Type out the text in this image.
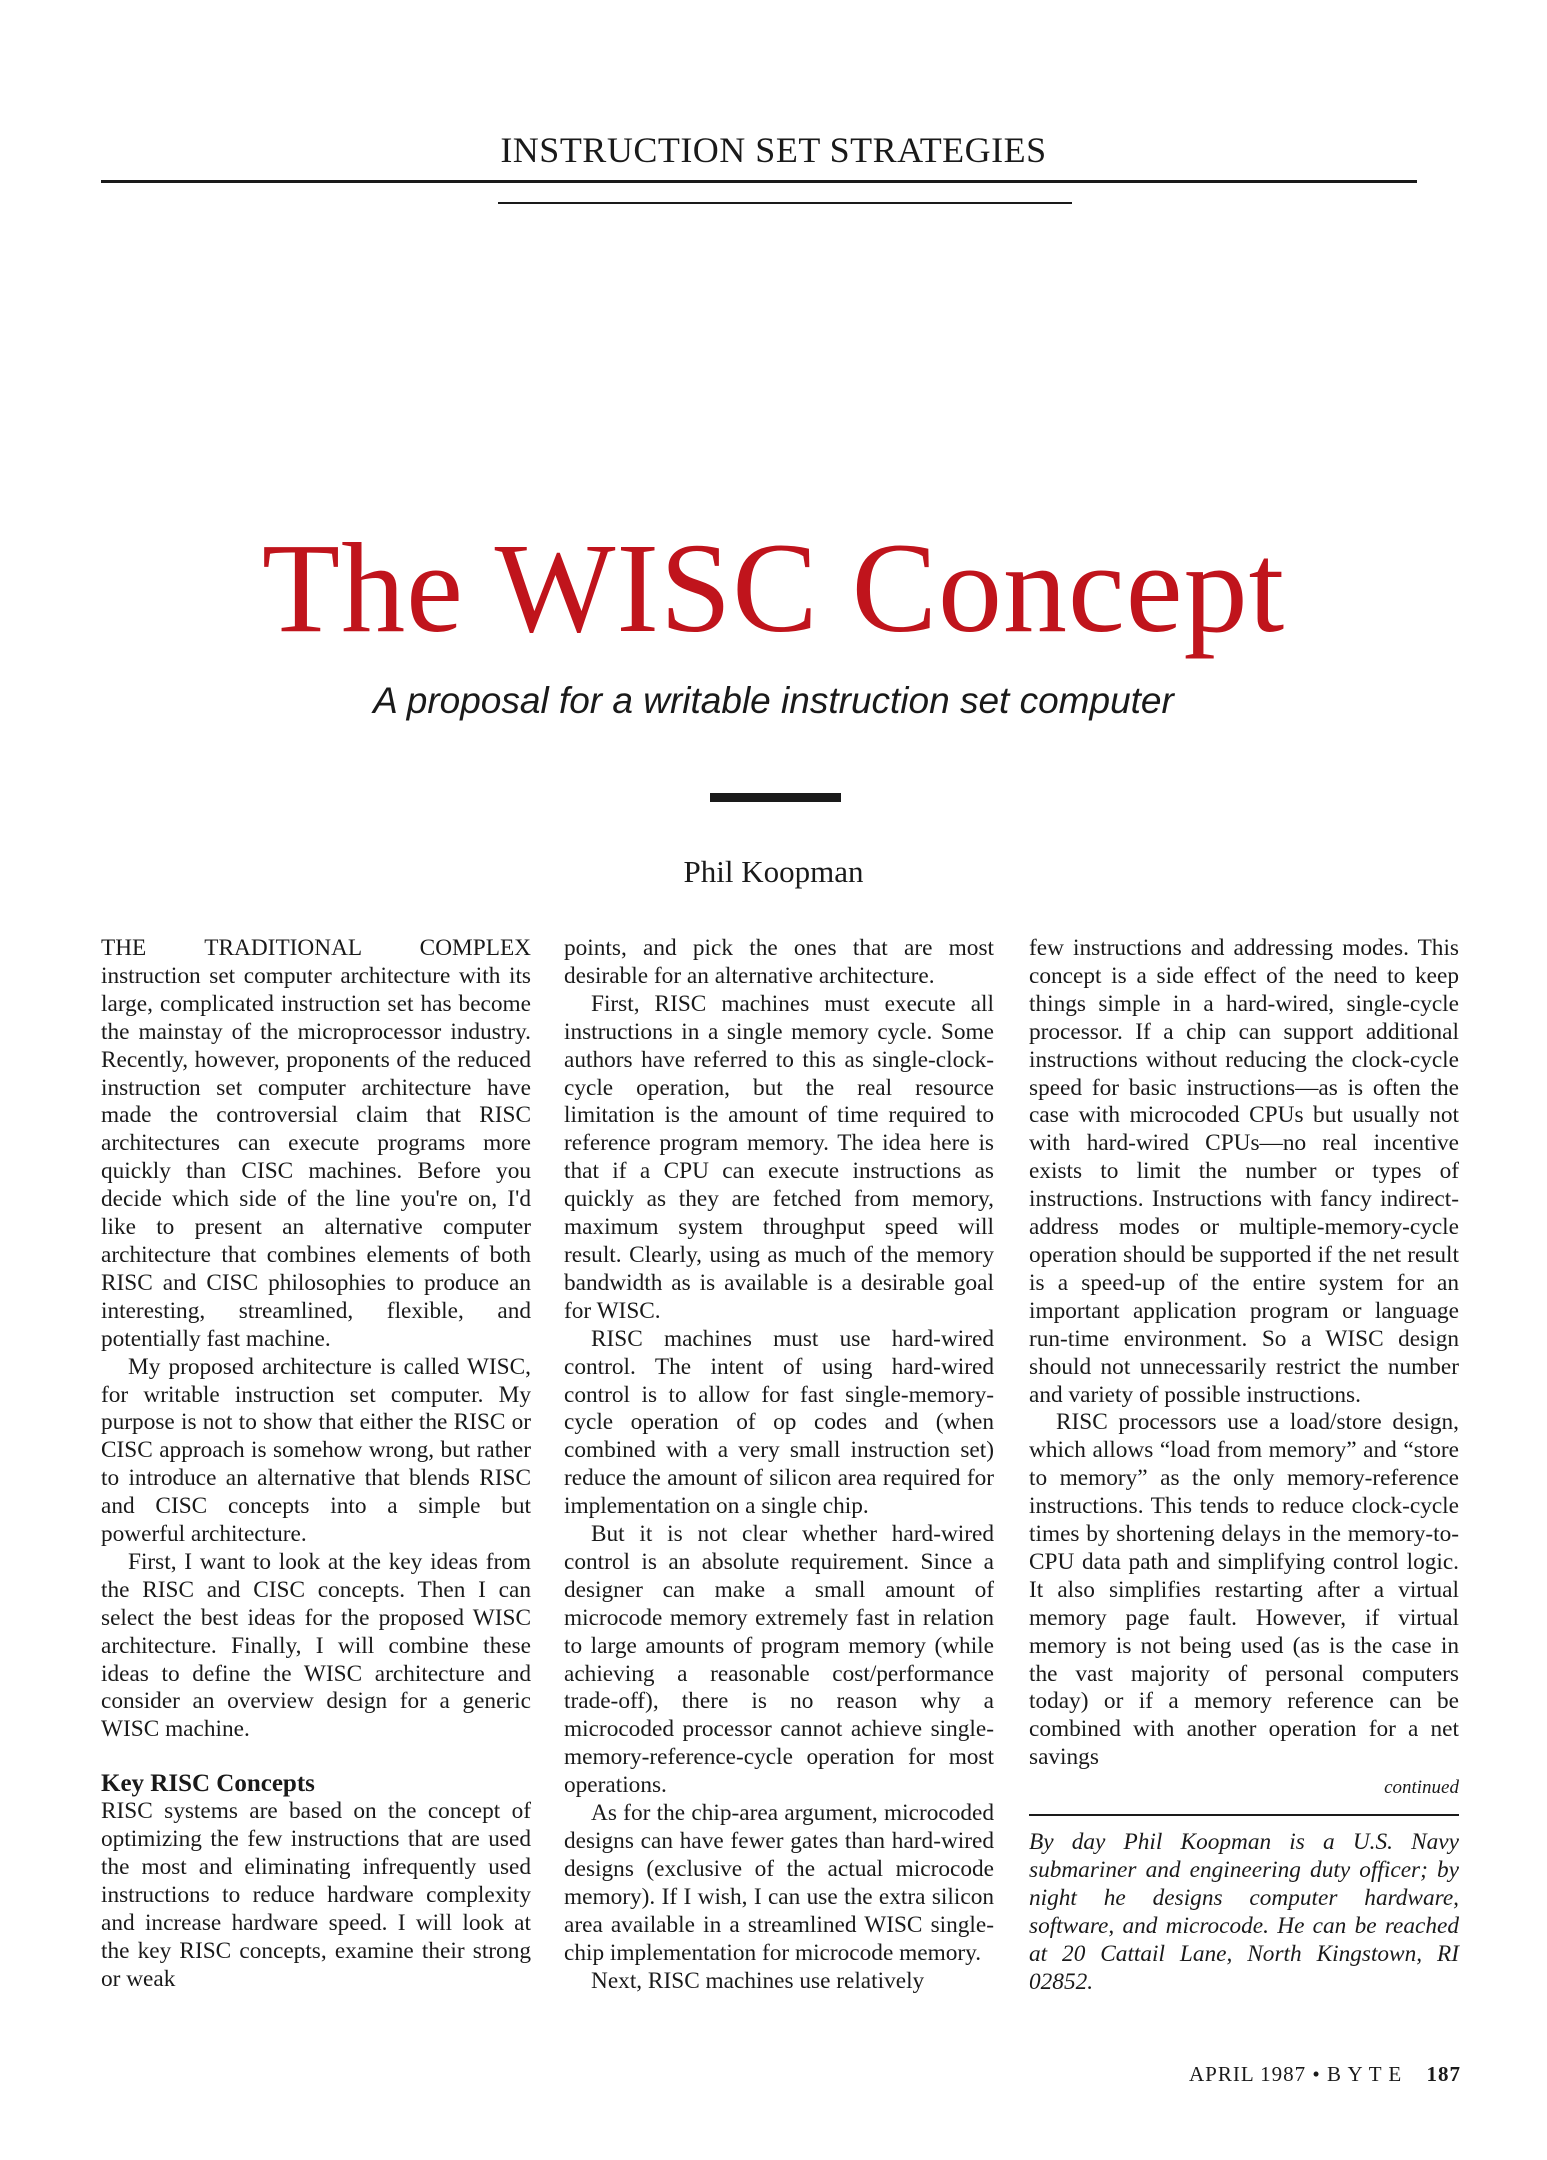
INSTRUCTION SET STRATEGIES
The WISC Concept
A proposal for a writable instruction set computer
Phil Koopman

THE TRADITIONAL COMPLEX instruction set computer architecture with its large, complicated instruction set has become the mainstay of the microprocessor industry. Recently, however, proponents of the reduced instruction set computer architecture have made the controversial claim that RISC architectures can execute programs more quickly than CISC machines. Before you decide which side of the line you're on, I'd like to present an alternative computer architecture that combines elements of both RISC and CISC philosophies to produce an interesting, streamlined, flexible, and potentially fast machine.

My proposed architecture is called WISC, for writable instruction set computer. My purpose is not to show that either the RISC or CISC approach is somehow wrong, but rather to introduce an alternative that blends RISC and CISC concepts into a simple but powerful architecture.

First, I want to look at the key ideas from the RISC and CISC concepts. Then I can select the best ideas for the proposed WISC architecture. Finally, I will combine these ideas to define the WISC architecture and consider an overview design for a generic WISC machine.

Key RISC Concepts

RISC systems are based on the concept of optimizing the few instructions that are used the most and eliminating infrequently used instructions to reduce hardware complexity and increase hardware speed. I will look at the key RISC concepts, examine their strong or weak

points, and pick the ones that are most desirable for an alternative architecture.

First, RISC machines must execute all instructions in a single memory cycle. Some authors have referred to this as single-clock-cycle operation, but the real resource limitation is the amount of time required to reference program memory. The idea here is that if a CPU can execute instructions as quickly as they are fetched from memory, maximum system throughput speed will result. Clearly, using as much of the memory bandwidth as is available is a desirable goal for WISC.

RISC machines must use hard-wired control. The intent of using hard-wired control is to allow for fast single-memory-cycle operation of op codes and (when combined with a very small instruction set) reduce the amount of silicon area required for implementation on a single chip.

But it is not clear whether hard-wired control is an absolute requirement. Since a designer can make a small amount of microcode memory extremely fast in relation to large amounts of program memory (while achieving a reasonable cost/performance trade-off), there is no reason why a microcoded processor cannot achieve single-memory-reference-cycle operation for most operations.

As for the chip-area argument, microcoded designs can have fewer gates than hard-wired designs (exclusive of the actual microcode memory). If I wish, I can use the extra silicon area available in a streamlined WISC single-chip implementation for microcode memory.

Next, RISC machines use relatively

few instructions and addressing modes. This concept is a side effect of the need to keep things simple in a hard-wired, single-cycle processor. If a chip can support additional instructions without reducing the clock-cycle speed for basic instructions—as is often the case with microcoded CPUs but usually not with hard-wired CPUs—no real incentive exists to limit the number or types of instructions. Instructions with fancy indirect-address modes or multiple-memory-cycle operation should be supported if the net result is a speed-up of the entire system for an important application program or language run-time environment. So a WISC design should not unnecessarily restrict the number and variety of possible instructions.

RISC processors use a load/store design, which allows “load from memory” and “store to memory” as the only memory-reference instructions. This tends to reduce clock-cycle times by shortening delays in the memory-to-CPU data path and simplifying control logic. It also simplifies restarting after a virtual memory page fault. However, if virtual memory is not being used (as is the case in the vast majority of personal computers today) or if a memory reference can be combined with another operation for a net savings

continued
By day Phil Koopman is a U.S. Navy submariner and engineering duty officer; by night he designs computer hardware, software, and microcode. He can be reached at 20 Cattail Lane, North Kingstown, RI 02852.
APRIL 1987 • B Y T E 187
